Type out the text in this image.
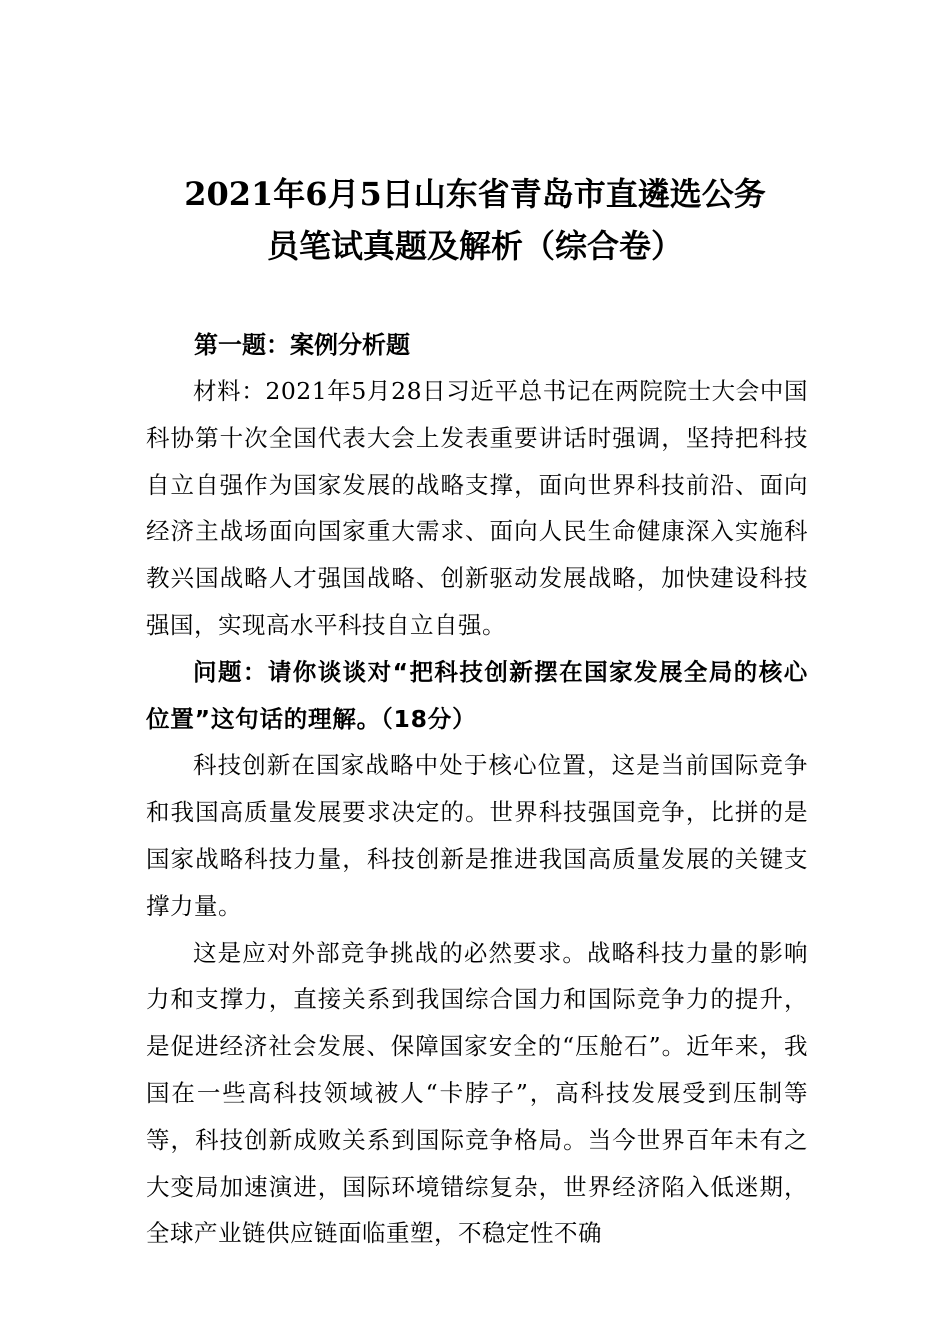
2021年6月5日山东省青岛市直遴选公务
员笔试真题及解析（综合卷）

第一题：案例分析题

材料：2021年5月28日习近平总书记在两院院士大会中国科协第十次全国代表大会上发表重要讲话时强调，坚持把科技自立自强作为国家发展的战略支撑，面向世界科技前沿、面向经济主战场面向国家重大需求、面向人民生命健康深入实施科教兴国战略人才强国战略、创新驱动发展战略，加快建设科技强国，实现高水平科技自立自强。

问题：请你谈谈对“把科技创新摆在国家发展全局的核心位置”这句话的理解。（18分）

科技创新在国家战略中处于核心位置，这是当前国际竞争和我国高质量发展要求决定的。世界科技强国竞争，比拼的是国家战略科技力量，科技创新是推进我国高质量发展的关键支撑力量。

这是应对外部竞争挑战的必然要求。战略科技力量的影响力和支撑力，直接关系到我国综合国力和国际竞争力的提升，是促进经济社会发展、保障国家安全的“压舱石”。近年来，我国在一些高科技领域被人“卡脖子”，高科技发展受到压制等等，科技创新成败关系到国际竞争格局。当今世界百年未有之大变局加速演进，国际环境错综复杂，世界经济陷入低迷期，全球产业链供应链面临重塑，不稳定性不确
